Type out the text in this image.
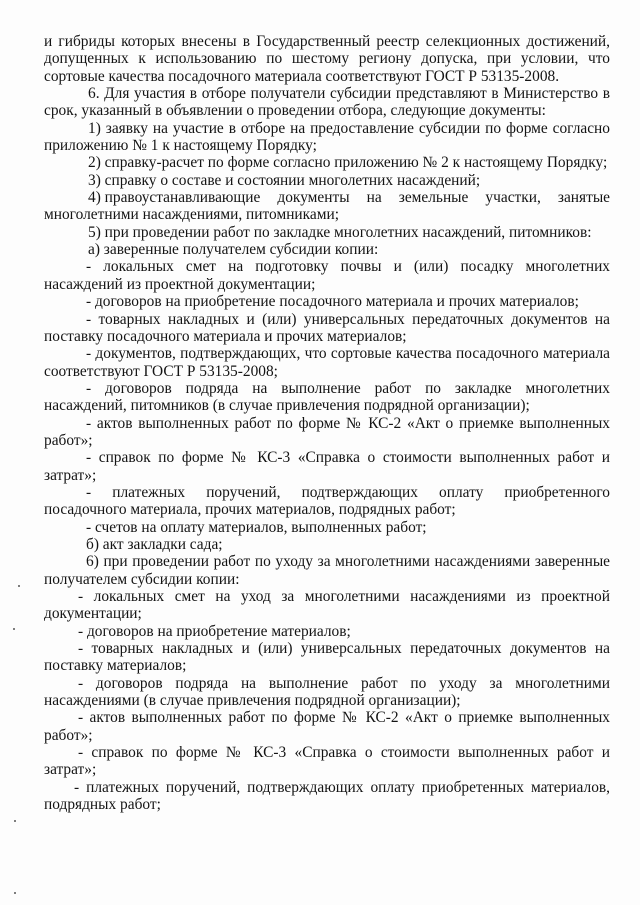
и гибриды которых внесены в Государственный реестр селекционных достижений, допущенных к использованию по шестому региону допуска, при условии, что сортовые качества посадочного материала соответствуют ГОСТ Р 53135-2008.

6. Для участия в отборе получатели субсидии представляют в Министерство в срок, указанный в объявлении о проведении отбора, следующие документы:

1) заявку на участие в отборе на предоставление субсидии по форме согласно приложению № 1 к настоящему Порядку;

2) справку-расчет по форме согласно приложению № 2 к настоящему Порядку;

3) справку о составе и состоянии многолетних насаждений;

4) правоустанавливающие документы на земельные участки, занятые
многолетними насаждениями, питомниками;

5) при проведении работ по закладке многолетних насаждений, питомников:

а) заверенные получателем субсидии копии:

- локальных смет на подготовку почвы и (или) посадку многолетних насаждений из проектной документации;

- договоров на приобретение посадочного материала и прочих материалов;

- товарных накладных и (или) универсальных передаточных документов на поставку посадочного материала и прочих материалов;

- документов, подтверждающих, что сортовые качества посадочного материала соответствуют ГОСТ Р 53135-2008;

- договоров подряда на выполнение работ по закладке многолетних насаждений, питомников (в случае привлечения подрядной организации);

- актов выполненных работ по форме № КС-2 «Акт о приемке выполненных работ»;

- справок по форме № КС-3 «Справка о стоимости выполненных работ и затрат»;

- платежных поручений, подтверждающих оплату приобретенного посадочного материала, прочих материалов, подрядных работ;

- счетов на оплату материалов, выполненных работ;

б) акт закладки сада;

6) при проведении работ по уходу за многолетними насаждениями заверенные получателем субсидии копии:

- локальных смет на уход за многолетними насаждениями из проектной документации;

- договоров на приобретение материалов;

- товарных накладных и (или) универсальных передаточных документов на поставку материалов;

- договоров подряда на выполнение работ по уходу за многолетними насаждениями (в случае привлечения подрядной организации);

- актов выполненных работ по форме № КС-2 «Акт о приемке выполненных работ»;

- справок по форме № КС-3 «Справка о стоимости выполненных работ и затрат»;

- платежных поручений, подтверждающих оплату приобретенных материалов, подрядных работ;
